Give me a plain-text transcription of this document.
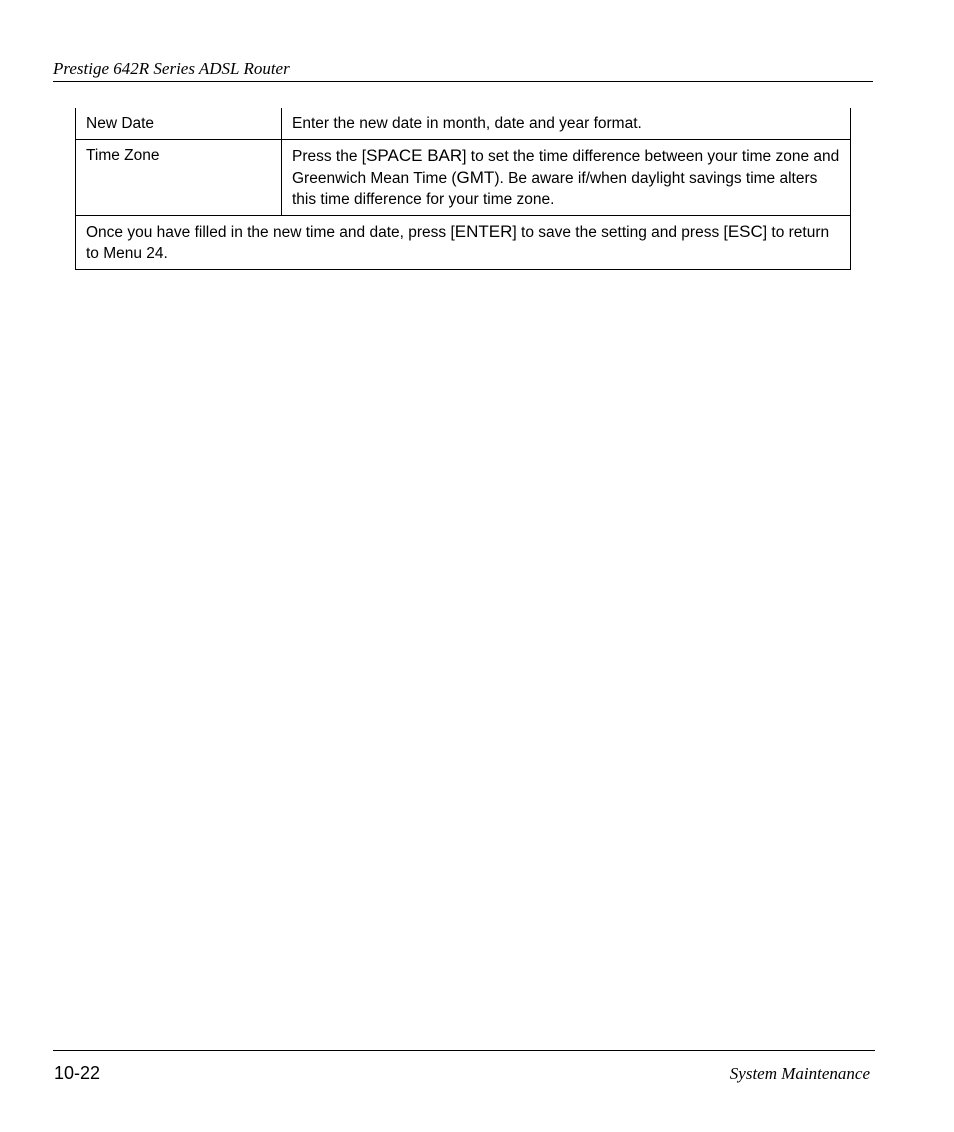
Prestige 642R Series ADSL Router
New Date	Enter the new date in month, date and year format.
Time Zone	Press the [SPACE BAR] to set the time difference between your time zone and Greenwich Mean Time (GMT). Be aware if/when daylight savings time alters this time difference for your time zone.
Once you have filled in the new time and date, press [ENTER] to save the setting and press [ESC] to return to Menu 24.	
10-22	System Maintenance
